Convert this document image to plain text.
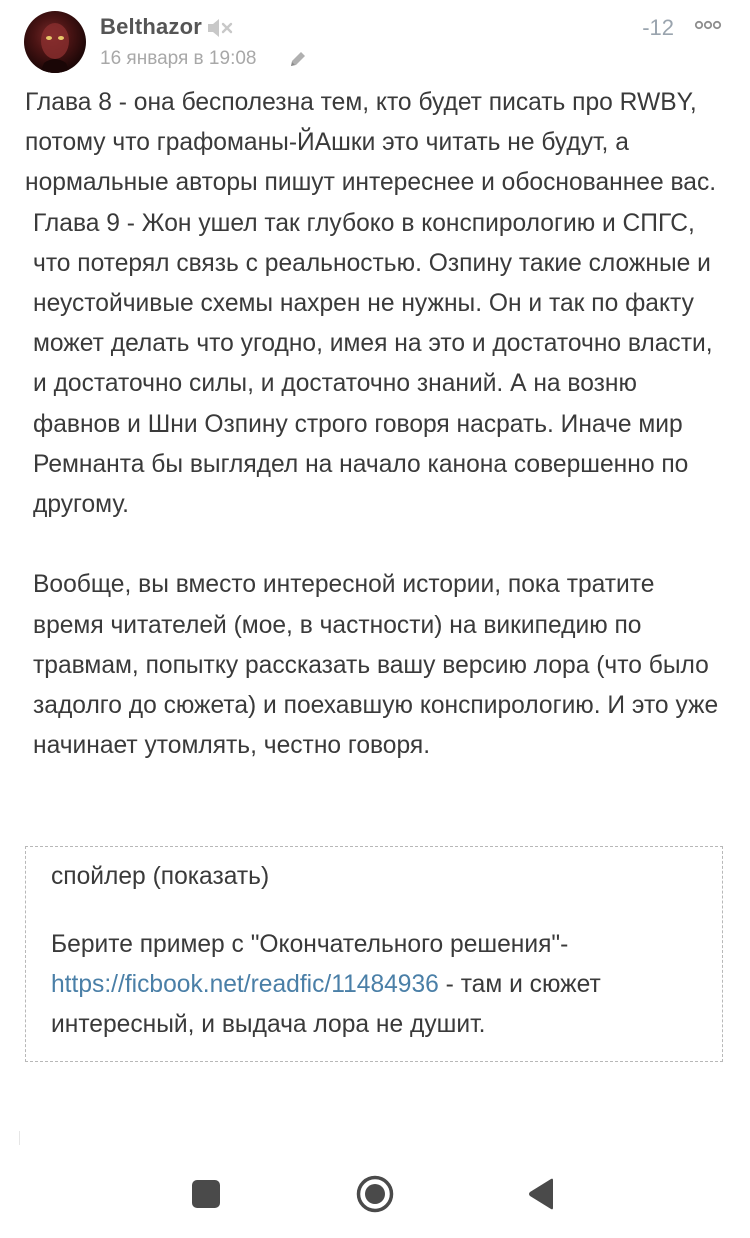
Belthazor
16 января в 19:08
-12

Глава 8 - она бесполезна тем, кто будет писать про RWBY, потому что графоманы-ЙАшки это читать не будут, а нормальные авторы пишут интереснее и обоснованнее вас.

Глава 9 - Жон ушел так глубоко в конспирологию и СПГС, что потерял связь с реальностью. Озпину такие сложные и неустойчивые схемы нахрен не нужны. Он и так по факту может делать что угодно, имея на это и достаточно власти, и достаточно силы, и достаточно знаний. А на возню фавнов и Шни Озпину строго говоря насрать. Иначе мир Ремнанта бы выглядел на начало канона совершенно по другому.

Вообще, вы вместо интересной истории, пока тратите время читателей (мое, в частности) на википедию по травмам, попытку рассказать вашу версию лора (что было задолго до сюжета) и поехавшую конспирологию. И это уже начинает утомлять, честно говоря.

спойлер (показать)
Берите пример с "Окончательного решения"-
https://ficbook.net/readfic/11484936 - там и сюжет интересный, и выдача лора не душит.
